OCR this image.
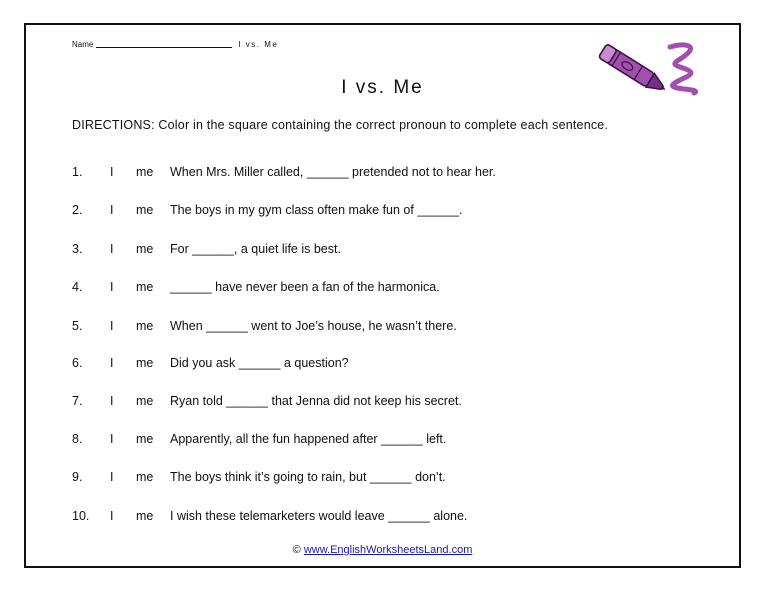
Name	I vs. Me
I vs. Me
DIRECTIONS: Color in the square containing the correct pronoun to complete each sentence.
1. I me When Mrs. Miller called, ______ pretended not to hear her.
2. I me The boys in my gym class often make fun of ______.
3. I me For ______, a quiet life is best.
4. I me ______ have never been a fan of the harmonica.
5. I me When ______ went to Joe’s house, he wasn’t there.
6. I me Did you ask ______ a question?
7. I me Ryan told ______ that Jenna did not keep his secret.
8. I me Apparently, all the fun happened after ______ left.
9. I me The boys think it’s going to rain, but ______ don’t.
10. I me I wish these telemarketers would leave ______ alone.
© www.EnglishWorksheetsLand.com
